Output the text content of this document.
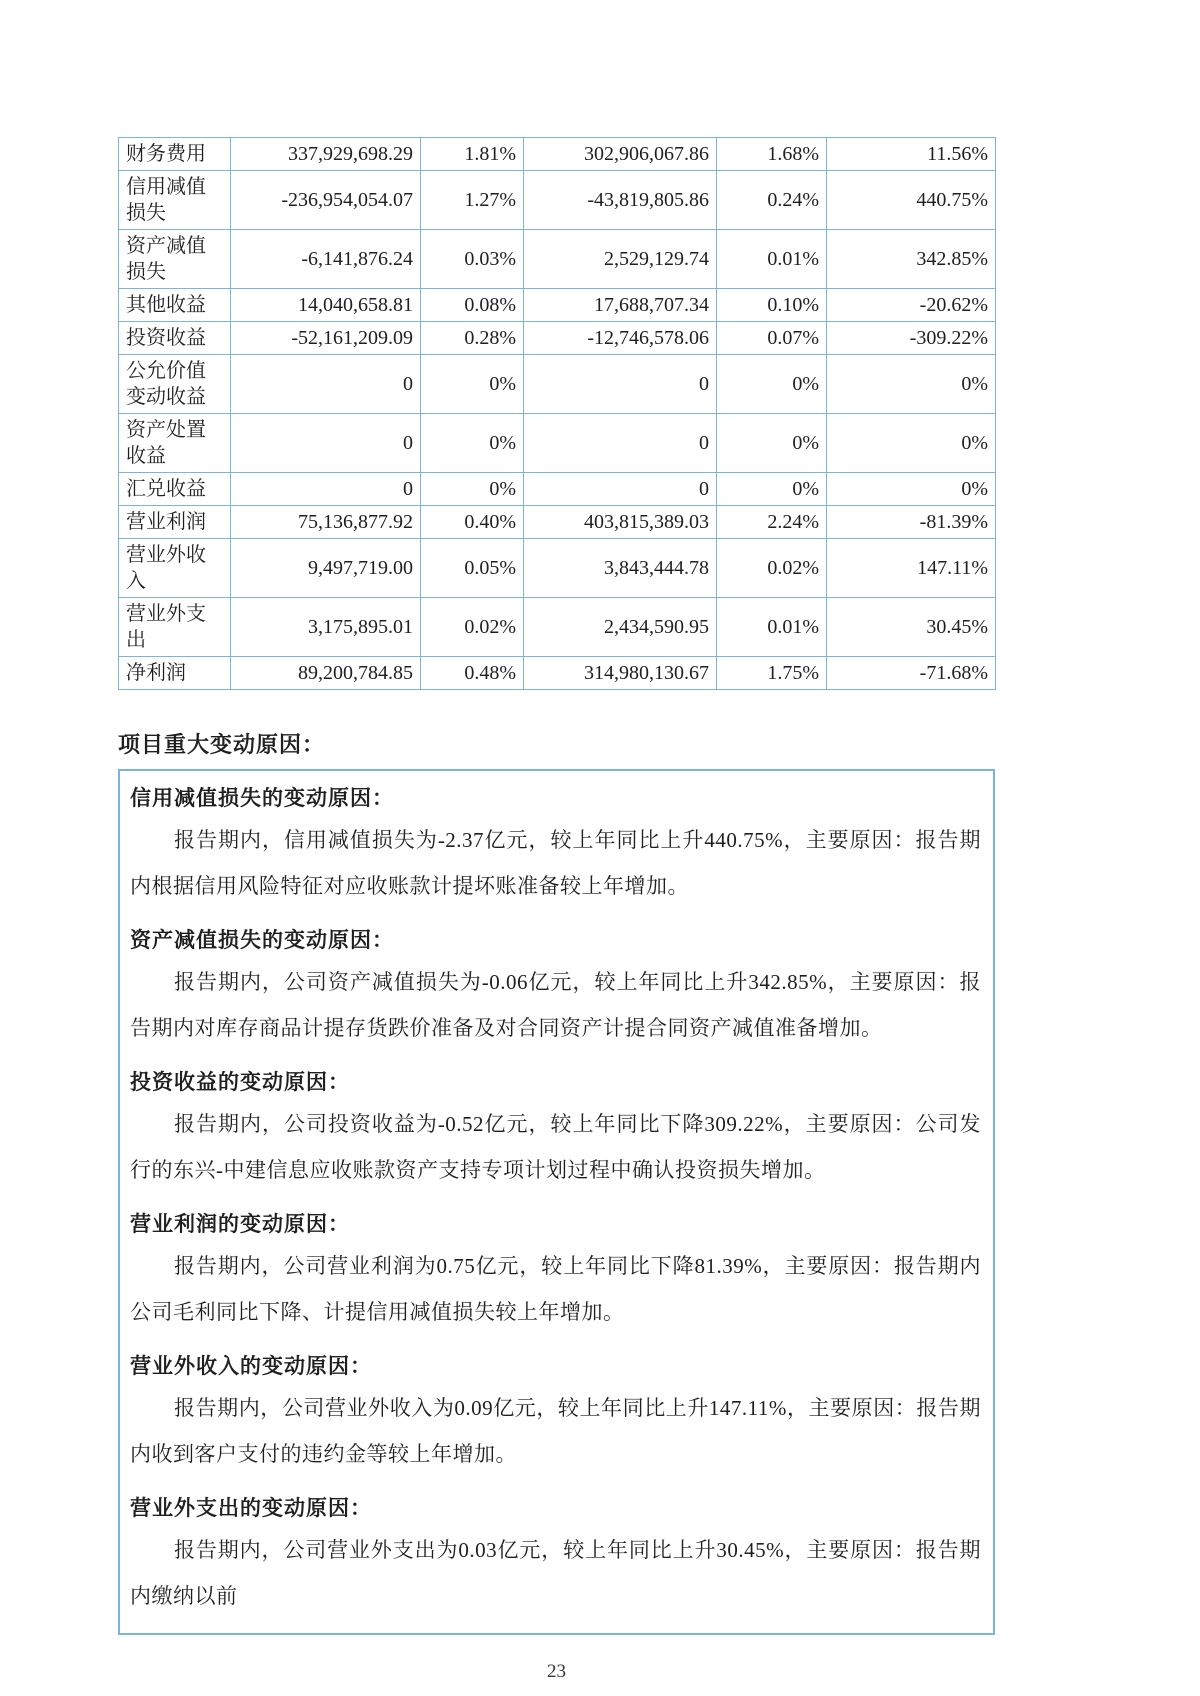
财务费用	337,929,698.29	1.81%	302,906,067.86	1.68%	11.56%
信用减值损失	-236,954,054.07	1.27%	-43,819,805.86	0.24%	440.75%
资产减值损失	-6,141,876.24	0.03%	2,529,129.74	0.01%	342.85%
其他收益	14,040,658.81	0.08%	17,688,707.34	0.10%	-20.62%
投资收益	-52,161,209.09	0.28%	-12,746,578.06	0.07%	-309.22%
公允价值变动收益	0	0%	0	0%	0%
资产处置收益	0	0%	0	0%	0%
汇兑收益	0	0%	0	0%	0%
营业利润	75,136,877.92	0.40%	403,815,389.03	2.24%	-81.39%
营业外收入	9,497,719.00	0.05%	3,843,444.78	0.02%	147.11%
营业外支出	3,175,895.01	0.02%	2,434,590.95	0.01%	30.45%
净利润	89,200,784.85	0.48%	314,980,130.67	1.75%	-71.68%
项目重大变动原因：
信用减值损失的变动原因：

报告期内，信用减值损失为-2.37亿元，较上年同比上升440.75%，主要原因：报告期内根据信用风险特征对应收账款计提坏账准备较上年增加。

资产减值损失的变动原因：

报告期内，公司资产减值损失为-0.06亿元，较上年同比上升342.85%，主要原因：报告期内对库存商品计提存货跌价准备及对合同资产计提合同资产减值准备增加。

投资收益的变动原因：

报告期内，公司投资收益为-0.52亿元，较上年同比下降309.22%，主要原因：公司发行的东兴-中建信息应收账款资产支持专项计划过程中确认投资损失增加。

营业利润的变动原因：

报告期内，公司营业利润为0.75亿元，较上年同比下降81.39%，主要原因：报告期内公司毛利同比下降、计提信用减值损失较上年增加。

营业外收入的变动原因：

报告期内，公司营业外收入为0.09亿元，较上年同比上升147.11%，主要原因：报告期内收到客户支付的违约金等较上年增加。

营业外支出的变动原因：

报告期内，公司营业外支出为0.03亿元，较上年同比上升30.45%，主要原因：报告期内缴纳以前

23
